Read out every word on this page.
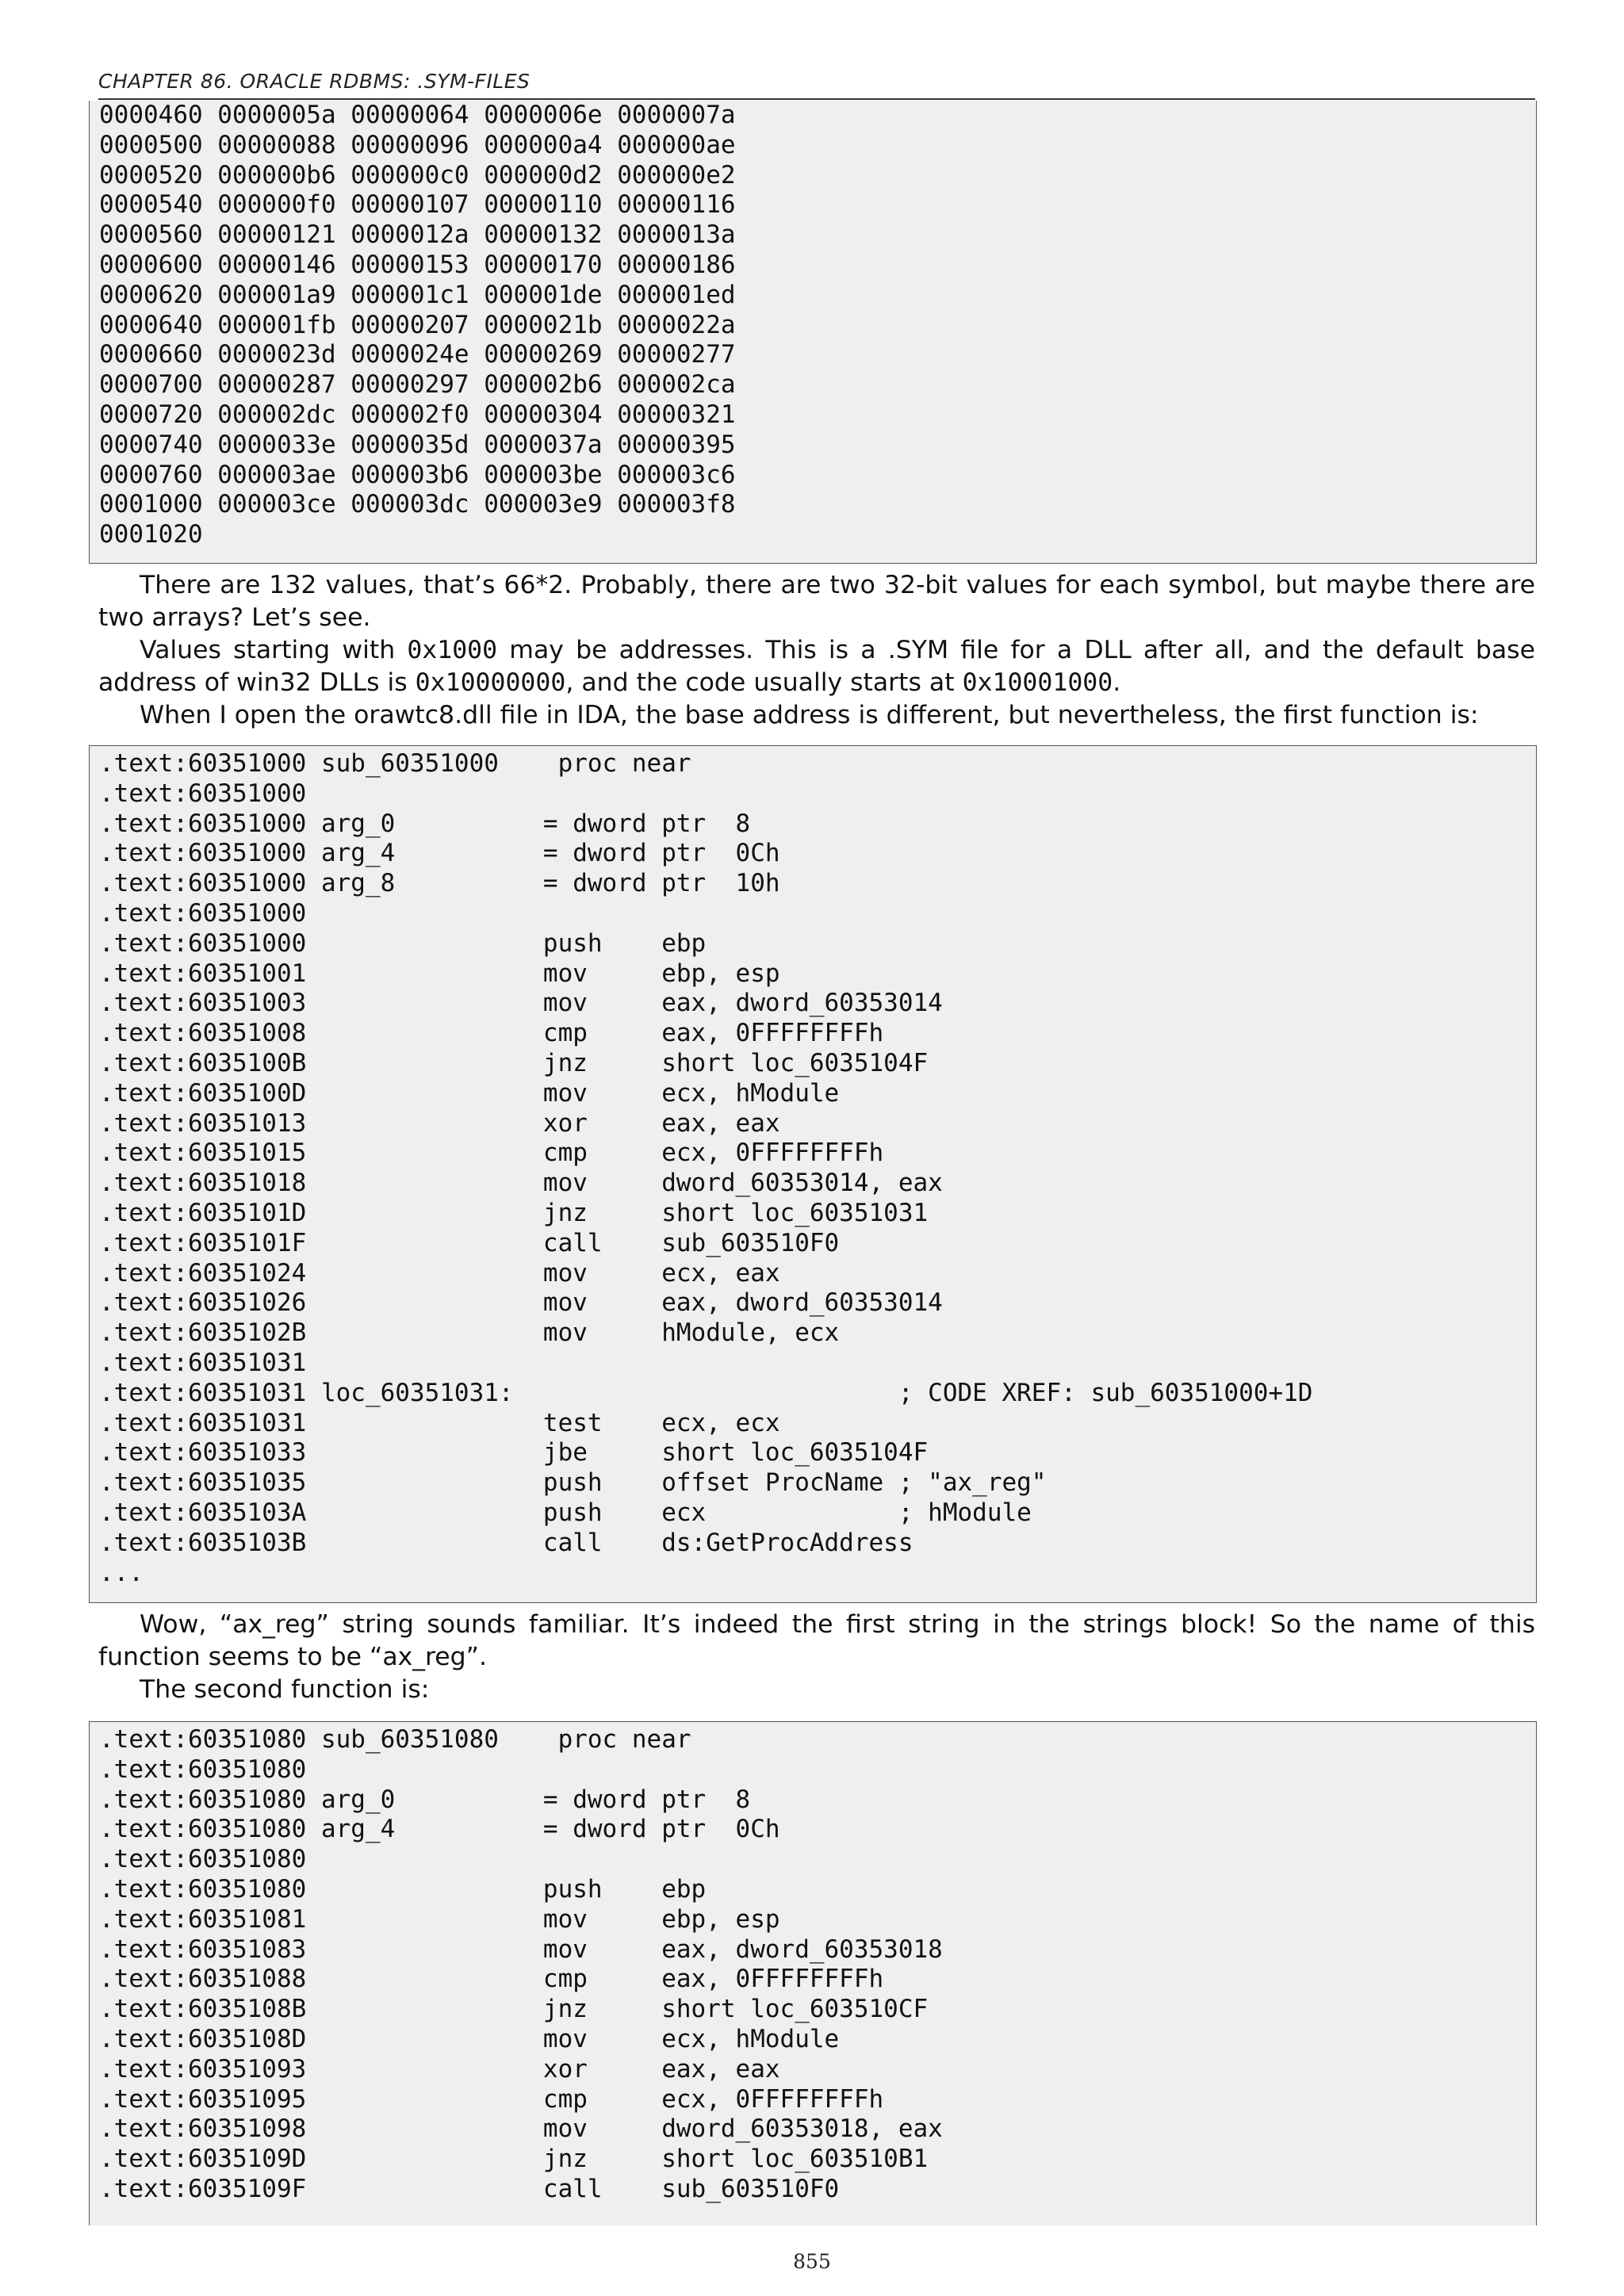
CHAPTER 86. ORACLE RDBMS: .SYM-FILES
0000460 0000005a 00000064 0000006e 0000007a
0000500 00000088 00000096 000000a4 000000ae
0000520 000000b6 000000c0 000000d2 000000e2
0000540 000000f0 00000107 00000110 00000116
0000560 00000121 0000012a 00000132 0000013a
0000600 00000146 00000153 00000170 00000186
0000620 000001a9 000001c1 000001de 000001ed
0000640 000001fb 00000207 0000021b 0000022a
0000660 0000023d 0000024e 00000269 00000277
0000700 00000287 00000297 000002b6 000002ca
0000720 000002dc 000002f0 00000304 00000321
0000740 0000033e 0000035d 0000037a 00000395
0000760 000003ae 000003b6 000003be 000003c6
0001000 000003ce 000003dc 000003e9 000003f8
0001020

There are 132 values, that’s 66*2. Probably, there are two 32-bit values for each symbol, but maybe there are two arrays? Let’s see.

Values starting with 0x1000 may be addresses. This is a .SYM file for a DLL after all, and the default base address of win32 DLLs is 0x10000000, and the code usually starts at 0x10001000.

When I open the orawtc8.dll file in IDA, the base address is different, but nevertheless, the first function is:

.text:60351000 sub_60351000    proc near
.text:60351000
.text:60351000 arg_0          = dword ptr  8
.text:60351000 arg_4          = dword ptr  0Ch
.text:60351000 arg_8          = dword ptr  10h
.text:60351000
.text:60351000                push    ebp
.text:60351001                mov     ebp, esp
.text:60351003                mov     eax, dword_60353014
.text:60351008                cmp     eax, 0FFFFFFFFh
.text:6035100B                jnz     short loc_6035104F
.text:6035100D                mov     ecx, hModule
.text:60351013                xor     eax, eax
.text:60351015                cmp     ecx, 0FFFFFFFFh
.text:60351018                mov     dword_60353014, eax
.text:6035101D                jnz     short loc_60351031
.text:6035101F                call    sub_603510F0
.text:60351024                mov     ecx, eax
.text:60351026                mov     eax, dword_60353014
.text:6035102B                mov     hModule, ecx
.text:60351031
.text:60351031 loc_60351031:                          ; CODE XREF: sub_60351000+1D
.text:60351031                test    ecx, ecx
.text:60351033                jbe     short loc_6035104F
.text:60351035                push    offset ProcName ; "ax_reg"
.text:6035103A                push    ecx             ; hModule
.text:6035103B                call    ds:GetProcAddress
...

Wow, “ax_reg” string sounds familiar. It’s indeed the first string in the strings block! So the name of this function seems to be “ax_reg”.

The second function is:

.text:60351080 sub_60351080    proc near
.text:60351080
.text:60351080 arg_0          = dword ptr  8
.text:60351080 arg_4          = dword ptr  0Ch
.text:60351080
.text:60351080                push    ebp
.text:60351081                mov     ebp, esp
.text:60351083                mov     eax, dword_60353018
.text:60351088                cmp     eax, 0FFFFFFFFh
.text:6035108B                jnz     short loc_603510CF
.text:6035108D                mov     ecx, hModule
.text:60351093                xor     eax, eax
.text:60351095                cmp     ecx, 0FFFFFFFFh
.text:60351098                mov     dword_60353018, eax
.text:6035109D                jnz     short loc_603510B1
.text:6035109F                call    sub_603510F0
855
